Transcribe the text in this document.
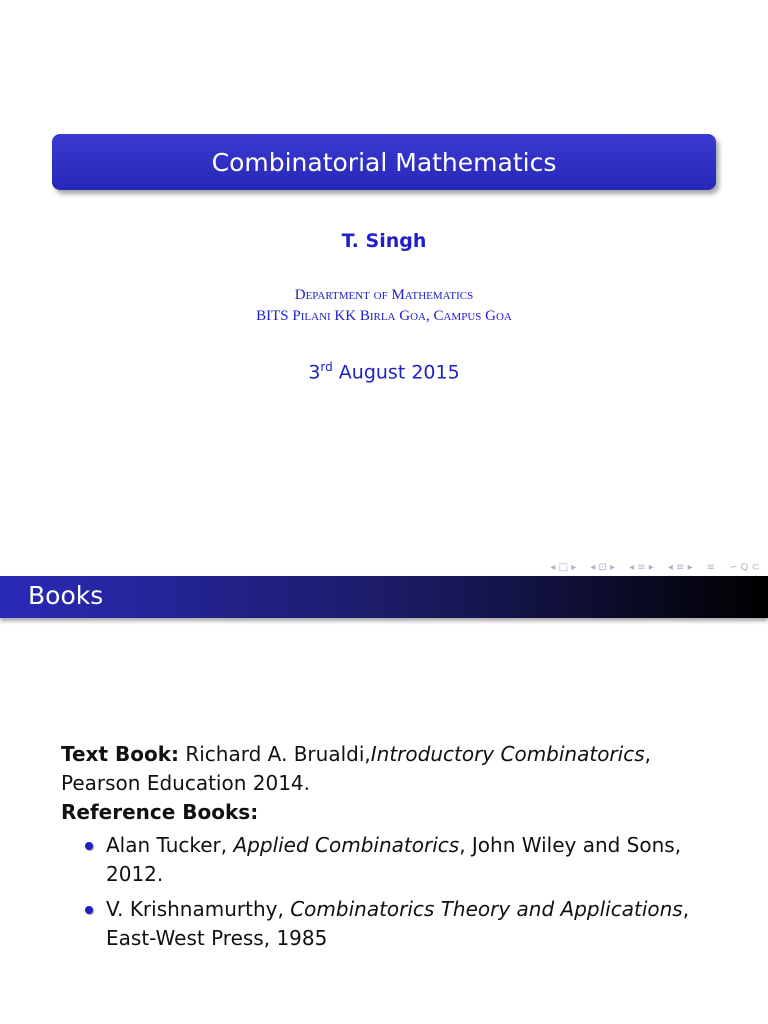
Combinatorial Mathematics
T. Singh
Department of Mathematics
BITS Pilani KK Birla Goa, Campus Goa
3rd August 2015
◂ □ ▸ ◂ ⊡ ▸ ◂ ≡ ▸ ◂ ≡ ▸ ≡ ∽ Q ⊂
Books
Text Book: Richard A. Brualdi,Introductory Combinatorics,
Pearson Education 2014.
Reference Books:
Alan Tucker, Applied Combinatorics, John Wiley and Sons, 2012.
V. Krishnamurthy, Combinatorics Theory and Applications, East-West Press, 1985
